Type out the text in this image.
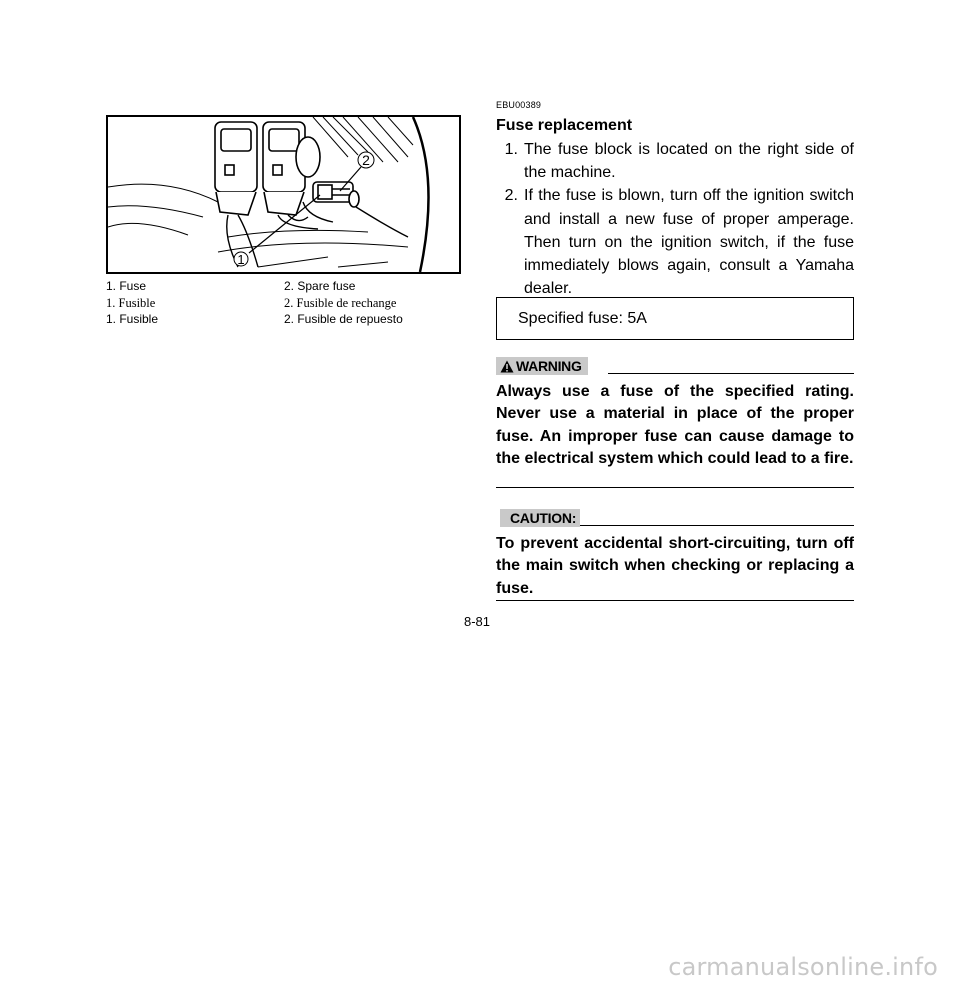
1
2
1. Fuse	2. Spare fuse
1. Fusible	2. Fusible de rechange
1. Fusible	2. Fusible de repuesto
EBU00389
Fuse replacement
1. The fuse block is located on the right side of the machine.
2. If the fuse is blown, turn off the ignition switch and install a new fuse of proper amperage. Then turn on the ignition switch, if the fuse immediately blows again, consult a Yamaha dealer.
Specified fuse: 5A
WARNING
Always use a fuse of the specified rating. Never use a material in place of the proper fuse. An improper fuse can cause damage to the electrical system which could lead to a fire.
CAUTION :
To prevent accidental short-circuiting, turn off the main switch when checking or replacing a fuse.
8-81
carmanualsonline.info
